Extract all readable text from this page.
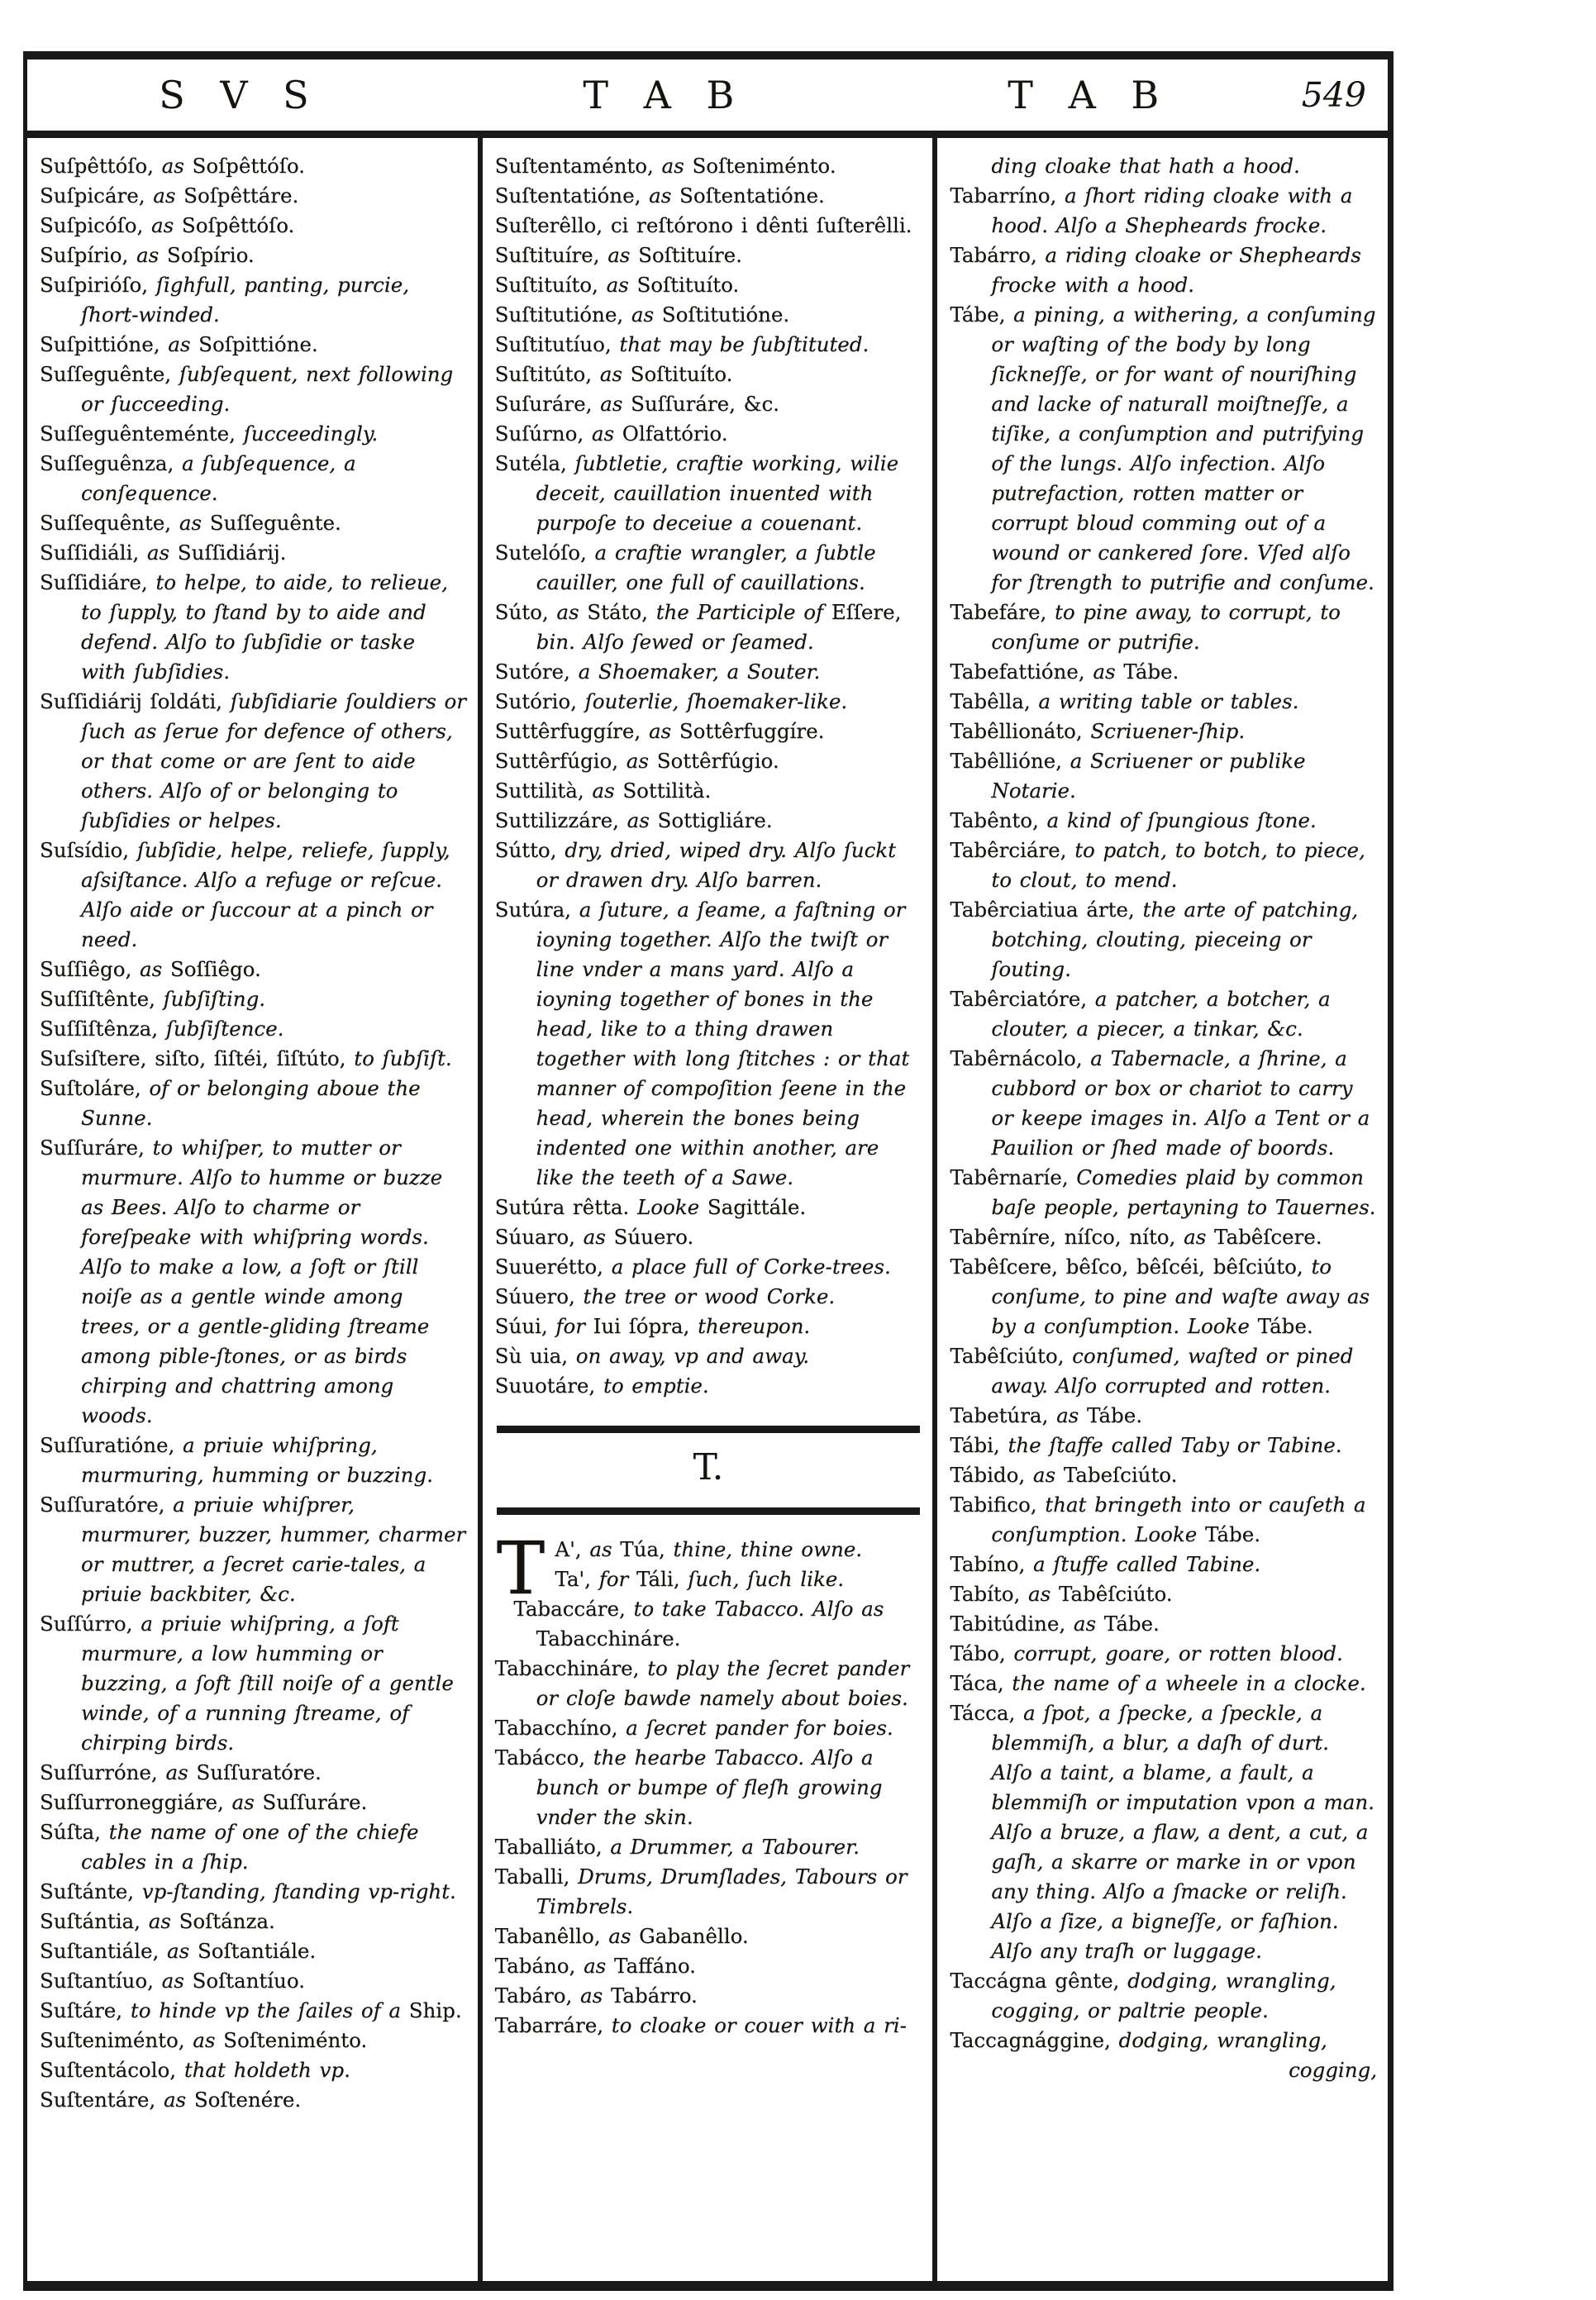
S V S	T A B	T A B	549

Suſpêttóſo, as Soſpêttóſo.

Suſpicáre, as Soſpêttáre.

Suſpicóſo, as Soſpêttóſo.

Suſpírio, as Soſpírio.

Suſpirióſo, ſighfull, panting, purcie, ſhort-winded.

Suſpittióne, as Soſpittióne.

Suſſeguênte, ſubſequent, next following or ſucceeding.

Suſſeguênteménte, ſucceedingly.

Suſſeguênza, a ſubſequence, a conſequence.

Suſſequênte, as Suſſeguênte.

Suſſidiáli, as Suſſidiárij.

Suſſidiáre, to helpe, to aide, to relieue, to ſupply, to ſtand by to aide and defend. Alſo to ſubſidie or taske with ſubſidies.

Suſſidiárij ſoldáti, ſubſidiarie ſouldiers or ſuch as ſerue for defence of others, or that come or are ſent to aide others. Alſo of or belonging to ſubſidies or helpes.

Suſsídio, ſubſidie, helpe, reliefe, ſupply, aſsiſtance. Alſo a refuge or reſcue. Alſo aide or ſuccour at a pinch or need.

Suſſiêgo, as Soſſiêgo.

Suſſiſtênte, ſubſiſting.

Suſſiſtênza, ſubſiſtence.

Suſsiſtere, siſto, ſiſtéi, ſiſtúto, to ſubſiſt.

Suſtoláre, of or belonging aboue the Sunne.

Suſſuráre, to whiſper, to mutter or murmure. Alſo to humme or buzze as Bees. Alſo to charme or foreſpeake with whiſpring words. Alſo to make a low, a ſoft or ſtill noiſe as a gentle winde among trees, or a gentle-gliding ſtreame among pible-ſtones, or as birds chirping and chattring among woods.

Suſſuratióne, a priuie whiſpring, murmuring, humming or buzzing.

Suſſuratóre, a priuie whiſprer, murmurer, buzzer, hummer, charmer or muttrer, a ſecret carie-tales, a priuie backbiter, &c.

Suſſúrro, a priuie whiſpring, a ſoft murmure, a low humming or buzzing, a ſoft ſtill noiſe of a gentle winde, of a running ſtreame, of chirping birds.

Suſſurróne, as Suſſuratóre.

Suſſurroneggiáre, as Suſſuráre.

Súſta, the name of one of the chiefe cables in a ſhip.

Suſtánte, vp-ſtanding, ſtanding vp-right.

Suſtántia, as Soſtánza.

Suſtantiále, as Soſtantiále.

Suſtantíuo, as Soſtantíuo.

Suſtáre, to hinde vp the ſailes of a Ship.

Suſteniménto, as Soſteniménto.

Suſtentácolo, that holdeth vp.

Suſtentáre, as Soſtenére.

Suſtentaménto, as Soſteniménto.

Suſtentatióne, as Soſtentatióne.

Suſterêllo, ci reſtórono i dênti ſuſterêlli.

Suſtituíre, as Soſtituíre.

Suſtituíto, as Soſtituíto.

Suſtitutióne, as Soſtitutióne.

Suſtitutíuo, that may be ſubſtituted.

Suſtitúto, as Soſtituíto.

Suſuráre, as Suſſuráre, &c.

Suſúrno, as Olfattório.

Sutéla, ſubtletie, craftie working, wilie deceit, cauillation inuented with purpoſe to deceiue a couenant.

Sutelóſo, a craftie wrangler, a ſubtle cauiller, one full of cauillations.

Súto, as Státo, the Participle of Eſſere, bin. Alſo ſewed or ſeamed.

Sutóre, a Shoemaker, a Souter.

Sutório, ſouterlie, ſhoemaker-like.

Suttêrfuggíre, as Sottêrfuggíre.

Suttêrfúgio, as Sottêrfúgio.

Suttilità, as Sottilità.

Suttilizzáre, as Sottigliáre.

Sútto, dry, dried, wiped dry. Alſo ſuckt or drawen dry. Alſo barren.

Sutúra, a ſuture, a ſeame, a faſtning or ioyning together. Alſo the twiſt or line vnder a mans yard. Alſo a ioyning together of bones in the head, like to a thing drawen together with long ſtitches : or that manner of compoſition ſeene in the head, wherein the bones being indented one within another, are like the teeth of a Sawe.

Sutúra rêtta. Looke Sagittále.

Súuaro, as Súuero.

Suuerétto, a place full of Corke-trees.

Súuero, the tree or wood Corke.

Súui, for Iui ſópra, thereupon.

Sù uia, on away, vp and away.

Suuotáre, to emptie.

T.

T A', as Túa, thine, thine owne.

Ta', for Táli, ſuch, ſuch like.

Tabaccáre, to take Tabacco. Alſo as Tabacchináre.

Tabacchináre, to play the ſecret pander or cloſe bawde namely about boies.

Tabacchíno, a ſecret pander for boies.

Tabácco, the hearbe Tabacco. Alſo a bunch or bumpe of fleſh growing vnder the skin.

Taballiáto, a Drummer, a Tabourer.

Taballi, Drums, Drumſlades, Tabours or Timbrels.

Tabanêllo, as Gabanêllo.

Tabáno, as Taffáno.

Tabáro, as Tabárro.

Tabarráre, to cloake or couer with a ri-

ding cloake that hath a hood.

Tabarríno, a ſhort riding cloake with a hood. Alſo a Shepheards frocke.

Tabárro, a riding cloake or Shepheards frocke with a hood.

Tábe, a pining, a withering, a conſuming or waſting of the body by long ſickneſſe, or for want of nouriſhing and lacke of naturall moiſtneſſe, a tiſike, a conſumption and putrifying of the lungs. Alſo infection. Alſo putrefaction, rotten matter or corrupt bloud comming out of a wound or cankered ſore. Vſed alſo for ſtrength to putrifie and conſume.

Tabefáre, to pine away, to corrupt, to conſume or putrifie.

Tabefattióne, as Tábe.

Tabêlla, a writing table or tables.

Tabêllionáto, Scriuener-ſhip.

Tabêllióne, a Scriuener or publike Notarie.

Tabênto, a kind of ſpungious ſtone.

Tabêrciáre, to patch, to botch, to piece, to clout, to mend.

Tabêrciatiua árte, the arte of patching, botching, clouting, pieceing or ſouting.

Tabêrciatóre, a patcher, a botcher, a clouter, a piecer, a tinkar, &c.

Tabêrnácolo, a Tabernacle, a ſhrine, a cubbord or box or chariot to carry or keepe images in. Alſo a Tent or a Pauilion or ſhed made of boords.

Tabêrnaríe, Comedies plaid by common baſe people, pertayning to Tauernes.

Tabêrníre, níſco, níto, as Tabêſcere.

Tabêſcere, bêſco, bêſcéi, bêſciúto, to conſume, to pine and waſte away as by a conſumption. Looke Tábe.

Tabêſciúto, conſumed, waſted or pined away. Alſo corrupted and rotten.

Tabetúra, as Tábe.

Tábi, the ſtaffe called Taby or Tabine.

Tábido, as Tabeſciúto.

Tabifico, that bringeth into or cauſeth a conſumption. Looke Tábe.

Tabíno, a ſtuffe called Tabine.

Tabíto, as Tabêſciúto.

Tabitúdine, as Tábe.

Tábo, corrupt, goare, or rotten blood.

Táca, the name of a wheele in a clocke.

Tácca, a ſpot, a ſpecke, a ſpeckle, a blemmiſh, a blur, a daſh of durt. Alſo a taint, a blame, a fault, a blemmiſh or imputation vpon a man. Alſo a bruze, a flaw, a dent, a cut, a gaſh, a skarre or marke in or vpon any thing. Alſo a ſmacke or reliſh. Alſo a ſize, a bigneſſe, or faſhion. Alſo any traſh or luggage.

Taccágna gênte, dodging, wrangling, cogging, or paltrie people.

Taccagnággine, dodging, wrangling,

cogging,
